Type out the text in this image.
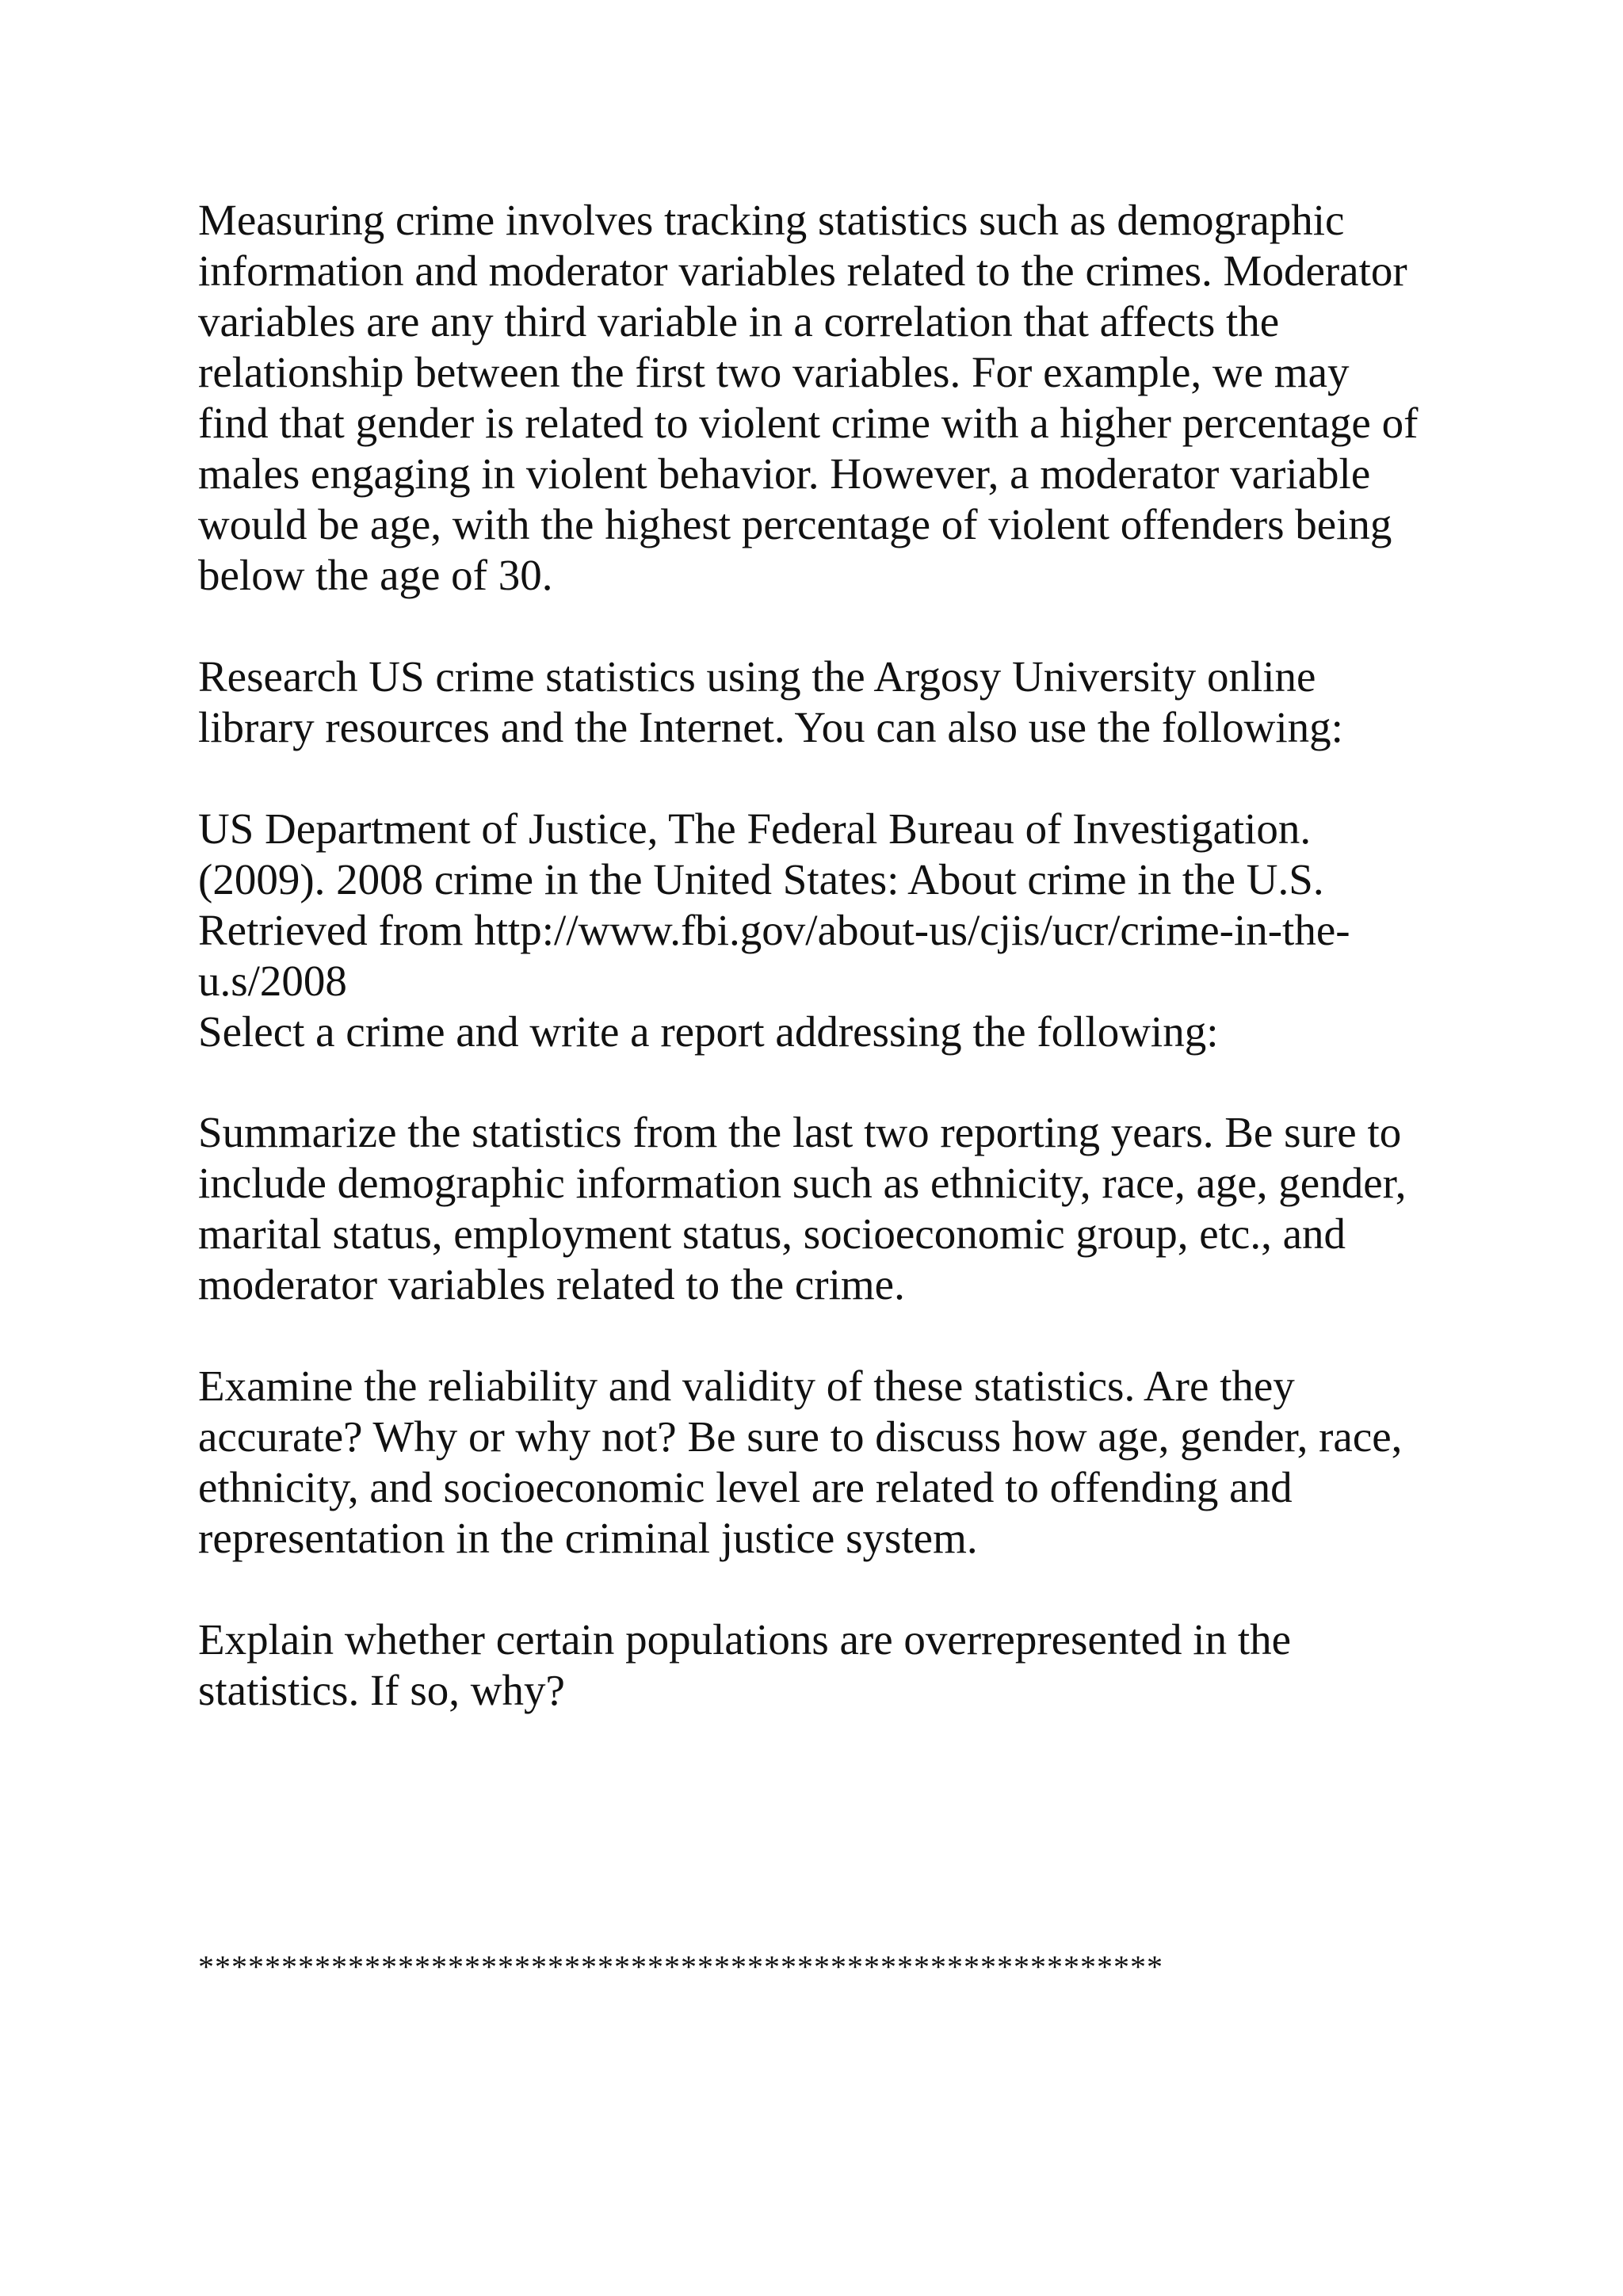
Measuring crime involves tracking statistics such as demographic
information and moderator variables related to the crimes. Moderator
variables are any third variable in a correlation that affects the
relationship between the first two variables. For example, we may
find that gender is related to violent crime with a higher percentage of
males engaging in violent behavior. However, a moderator variable
would be age, with the highest percentage of violent offenders being
below the age of 30.

Research US crime statistics using the Argosy University online
library resources and the Internet. You can also use the following:

US Department of Justice, The Federal Bureau of Investigation.
(2009). 2008 crime in the United States: About crime in the U.S.
Retrieved from http://www.fbi.gov/about-us/cjis/ucr/crime-in-the-
u.s/2008
Select a crime and write a report addressing the following:

Summarize the statistics from the last two reporting years. Be sure to
include demographic information such as ethnicity, race, age, gender,
marital status, employment status, socioeconomic group, etc., and
moderator variables related to the crime.

Examine the reliability and validity of these statistics. Are they
accurate? Why or why not? Be sure to discuss how age, gender, race,
ethnicity, and socioeconomic level are related to offending and
representation in the criminal justice system.

Explain whether certain populations are overrepresented in the
statistics. If so, why?

**********************************************************
